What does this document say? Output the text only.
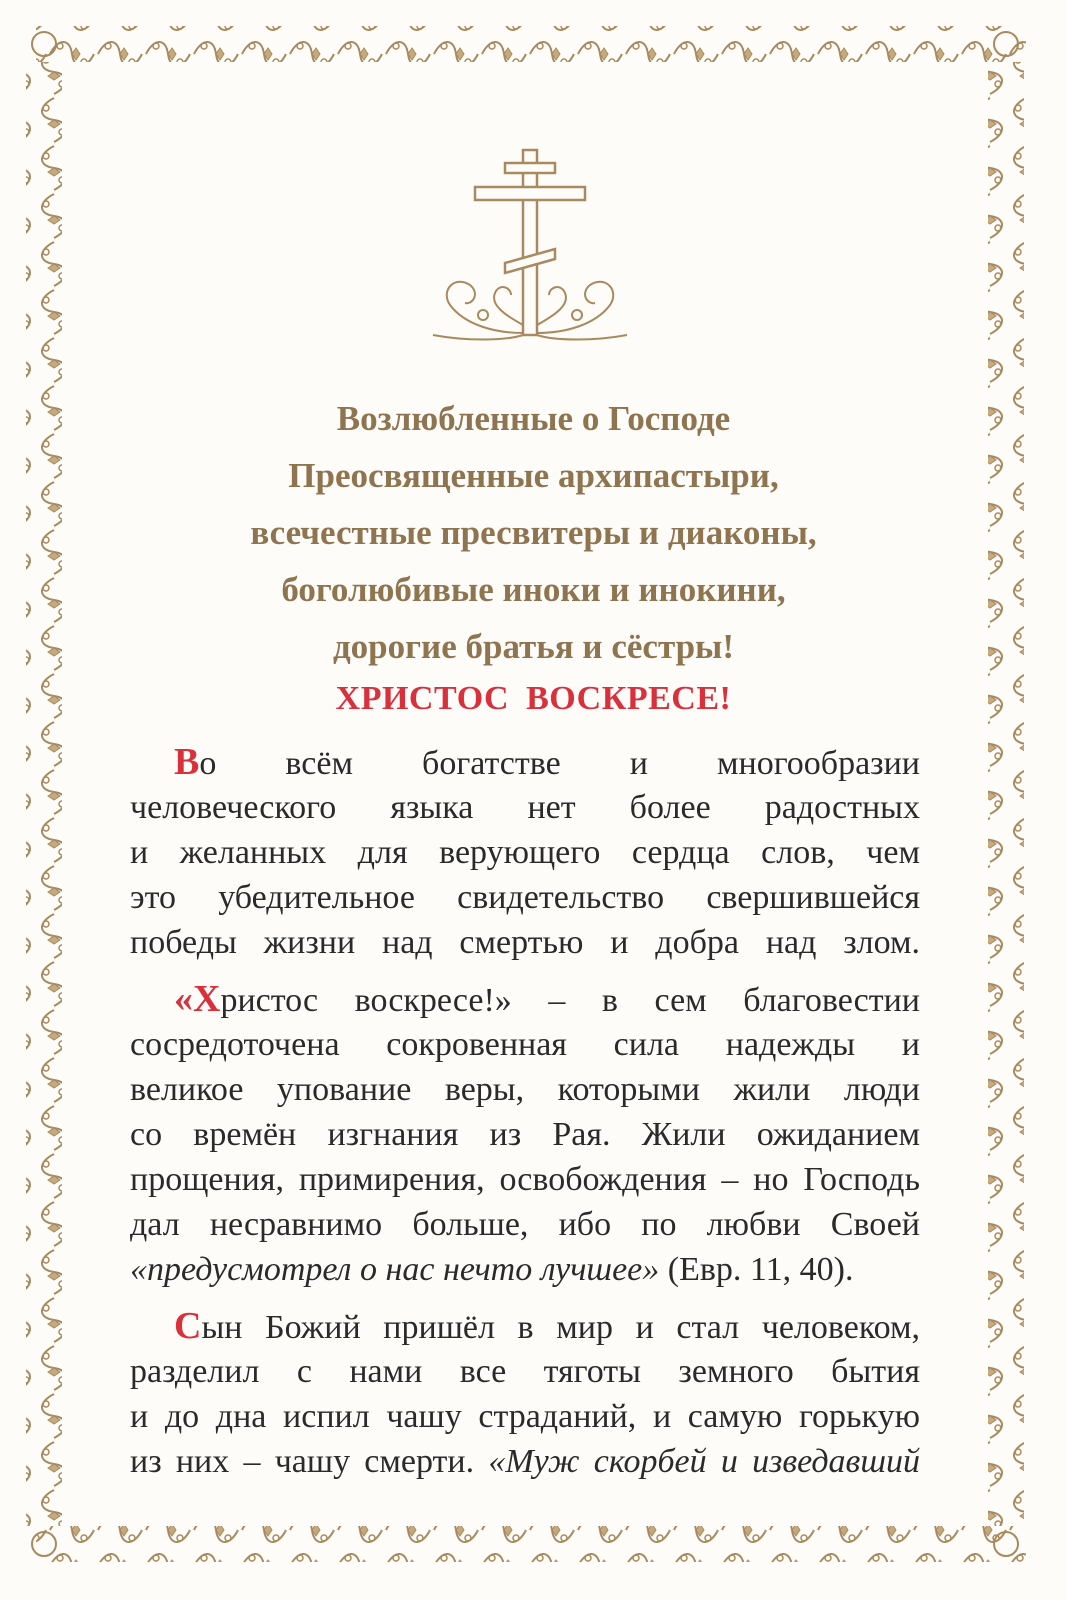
Возлюбленные о Господе
Преосвященные архипастыри,
всечестные пресвитеры и диаконы,
боголюбивые иноки и инокини,
дорогие братья и сёстры!
ХРИСТОС ВОСКРЕСЕ!
Во всём богатстве и многообразии
человеческого языка нет более радостных
и желанных для верующего сердца слов, чем
это убедительное свидетельство свершившейся
победы жизни над смертью и добра над злом.
«Христос воскресе!» – в сем благовестии
сосредоточена сокровенная сила надежды и
великое упование веры, которыми жили люди
со времён изгнания из Рая. Жили ожиданием
прощения, примирения, освобождения – но Господь
дал несравнимо больше, ибо по любви Своей
«предусмотрел о нас нечто лучшее» (Евр. 11, 40).
Сын Божий пришёл в мир и стал человеком,
разделил с нами все тяготы земного бытия
и до дна испил чашу страданий, и самую горькую
из них – чашу смерти. «Муж скорбей и изведавший
